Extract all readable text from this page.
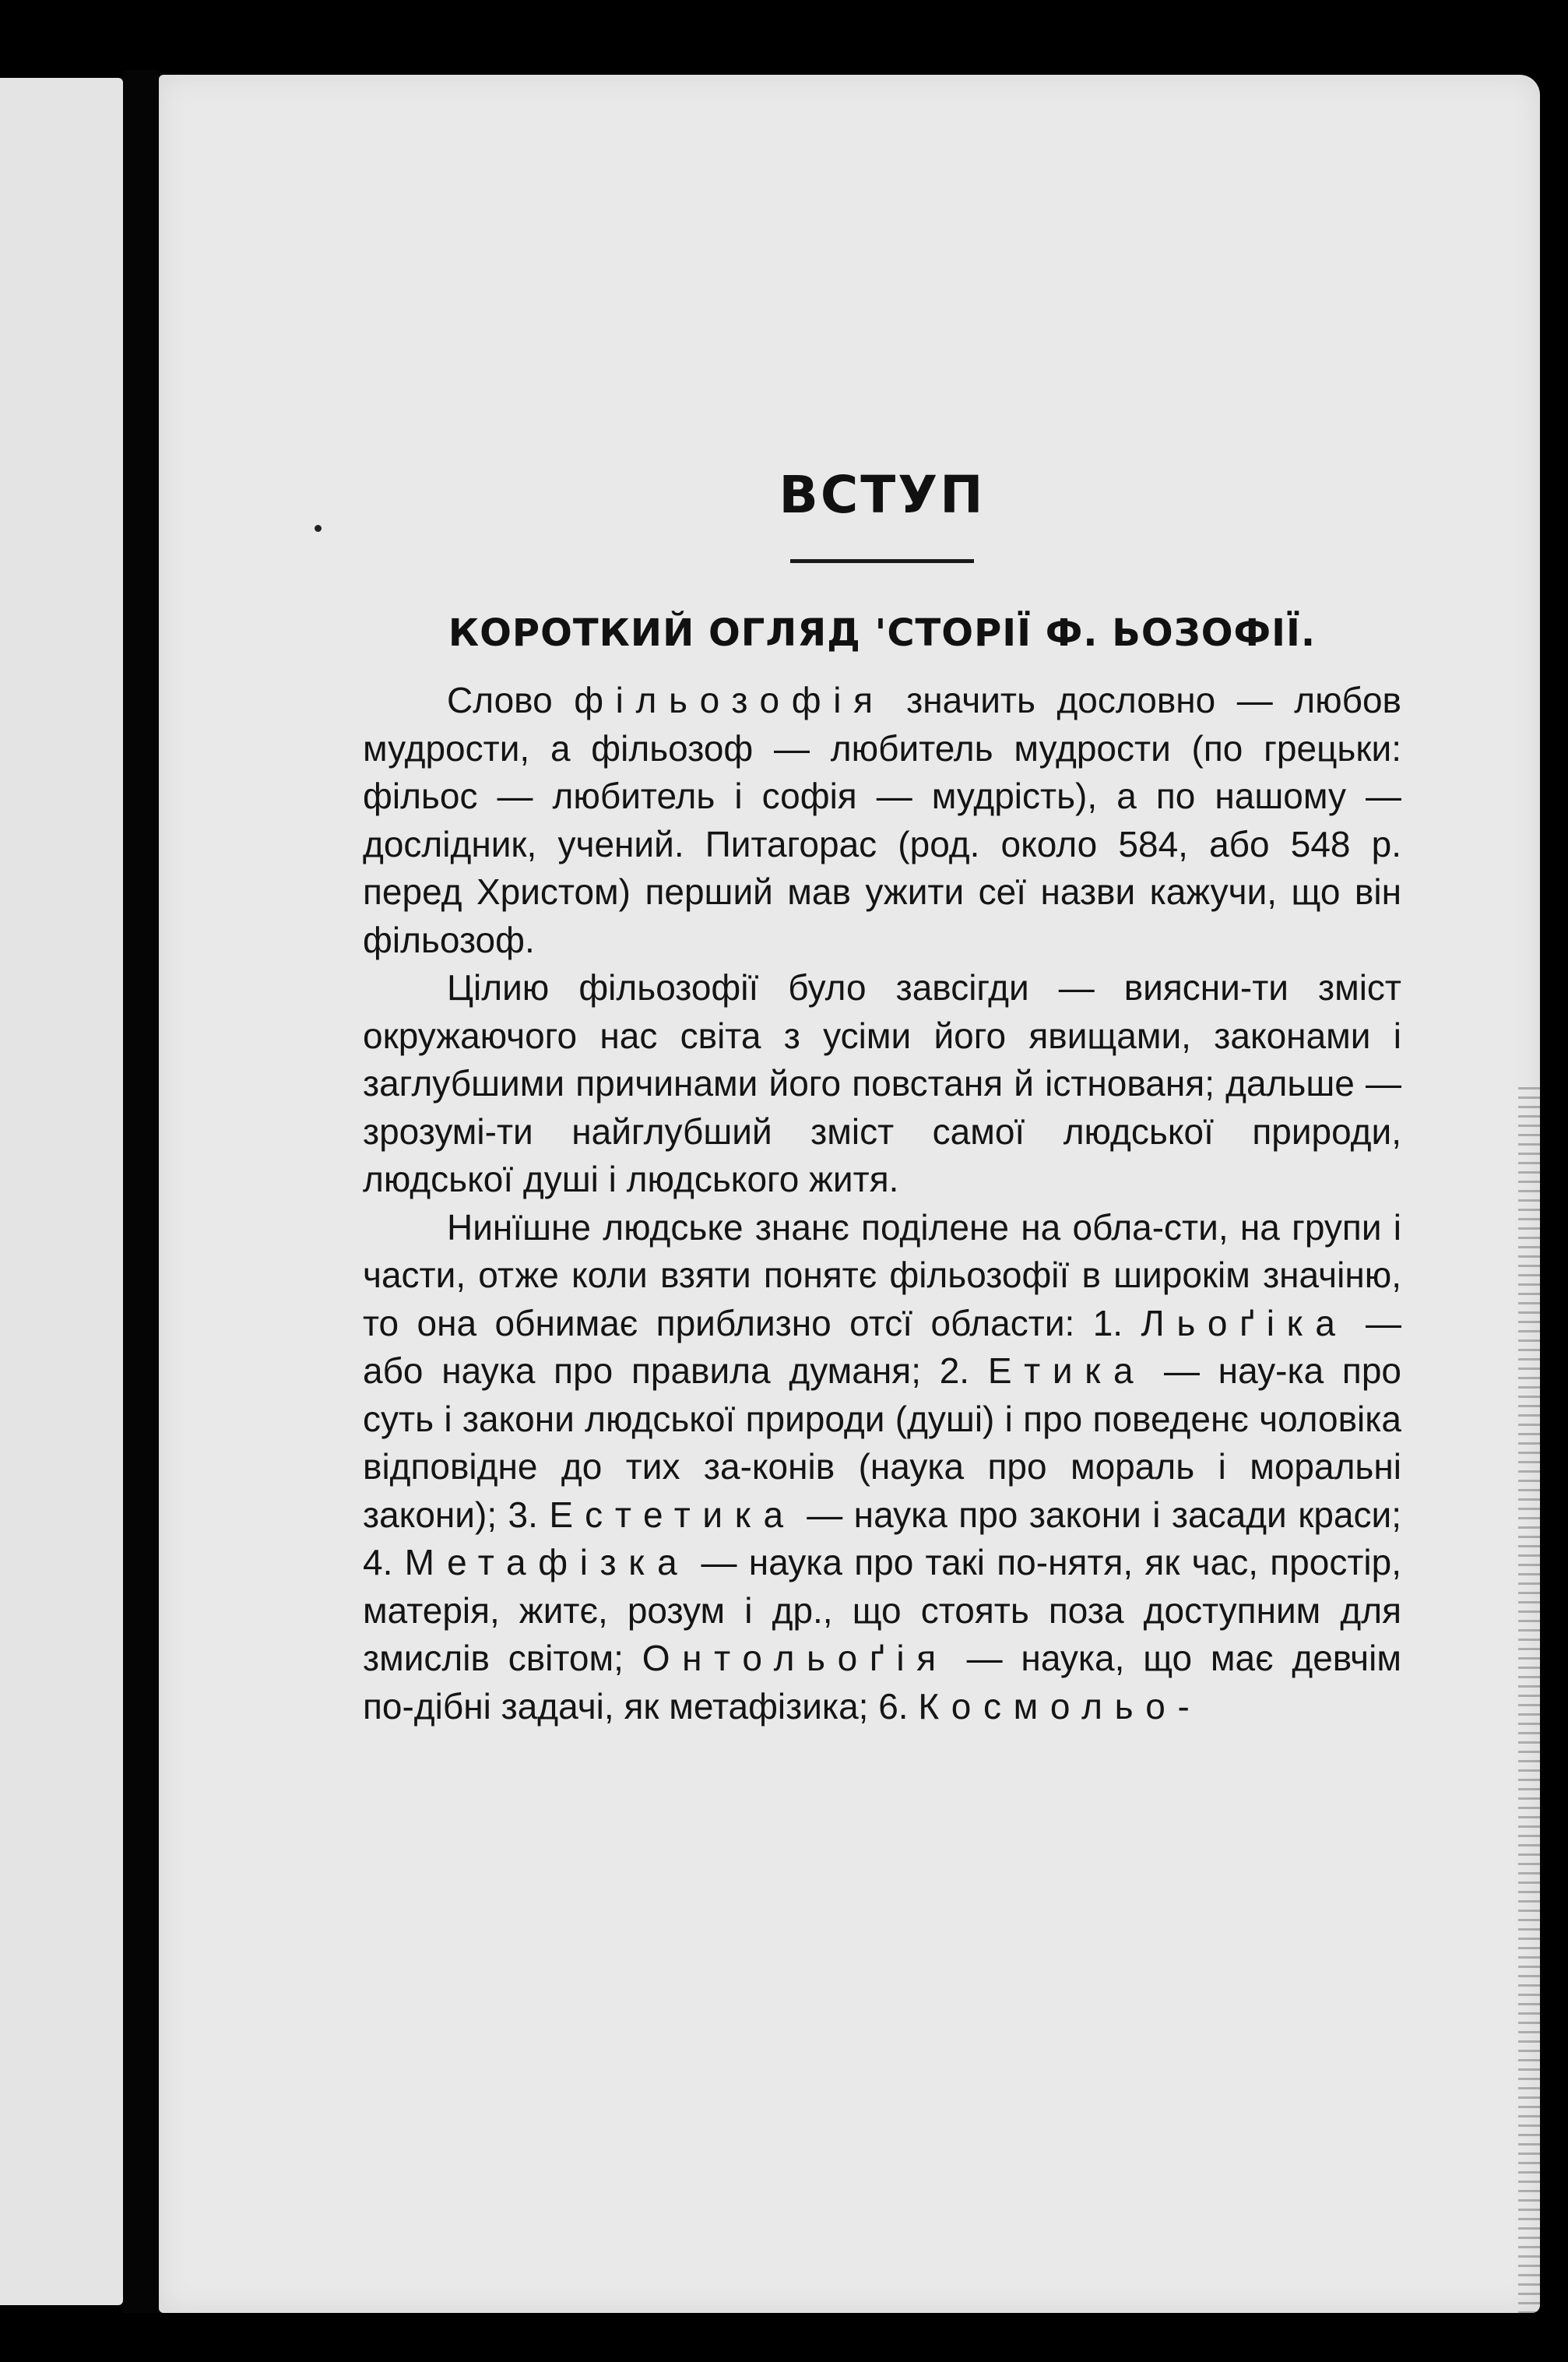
ВСТУП
КОРОТКИЙ ОГЛЯД 'СТОРІЇ Ф. ЬОЗОФІЇ.

Слово фільозофія значить дословно — любов мудрости, а фільозоф — любитель мудрости (по грецьки: фільос — любитель і софія — мудрість), а по нашому — дослідник, учений. Питагорас (род. около 584, або 548 р. перед Христом) перший мав ужити сеї назви кажучи, що він фільозоф.

Цілию фільозофії було завсігди — виясни-ти зміст окружаючого нас світа з усіми його явищами, законами і заглубшими причинами його повстаня й істнованя; дальше — зрозумі-ти найглубший зміст самої людської природи, людської душі і людського житя.

Нинїшне людське знанє поділене на обла-сти, на групи і части, отже коли взяти понятє фільозофії в широкім значіню, то она обнимає приблизно отсї области: 1. Льоґіка — або наука про правила думаня; 2. Етика — нау-ка про суть і закони людської природи (душі) і про поведенє чоловіка відповідне до тих за-конів (наука про мораль і моральні закони); 3. Естетика — наука про закони і засади краси; 4. Метафізка — наука про такі по-нятя, як час, простір, матерія, житє, розум і др., що стоять поза доступним для змислів світом; Онтольоґія — наука, що має девчім по-дібні задачі, як метафізика; 6. Космольо-
